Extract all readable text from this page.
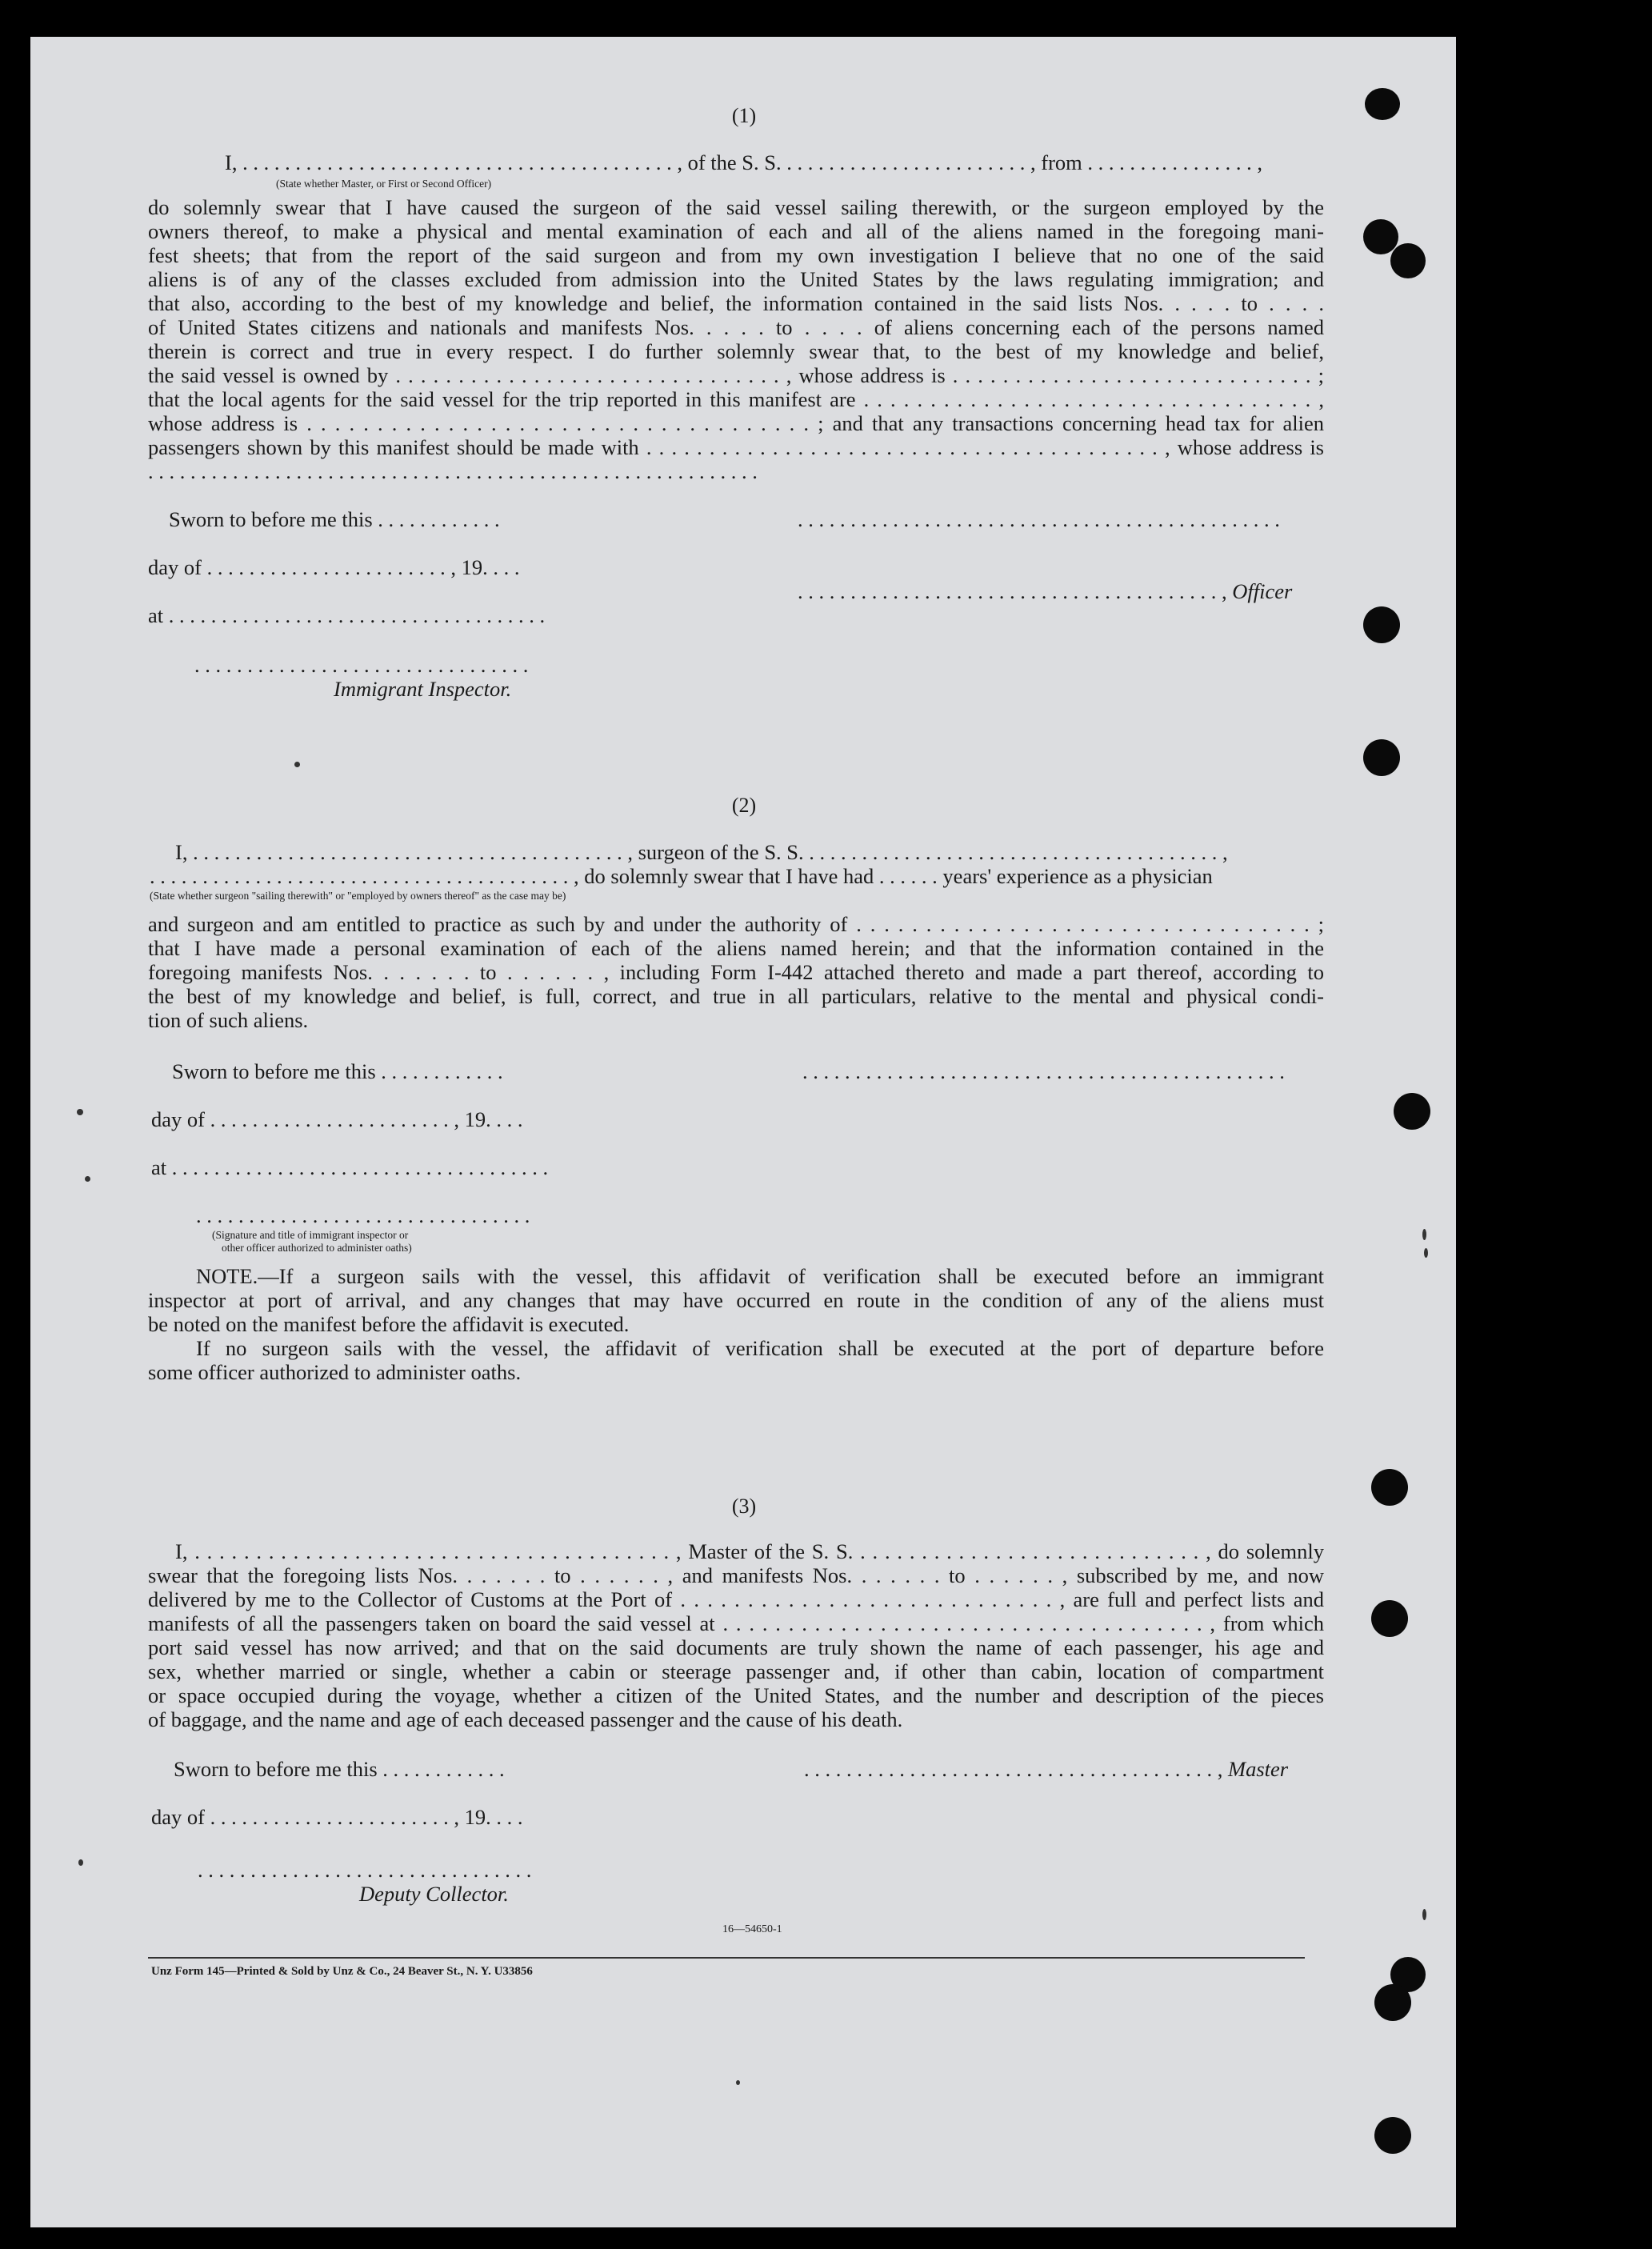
(1)
I, . . . . . . . . . . . . . . . . . . . . . . . . . . . . . . . . . . . . . . . . . , of the S. S. . . . . . . . . . . . . . . . . . . . . . . . , from . . . . . . . . . . . . . . . . ,
(State whether Master, or First or Second Officer)
do solemnly swear that I have caused the surgeon of the said vessel sailing therewith, or the surgeon employed by the
owners thereof, to make a physical and mental examination of each and all of the aliens named in the foregoing mani-
fest sheets; that from the report of the said surgeon and from my own investigation I believe that no one of the said
aliens is of any of the classes excluded from admission into the United States by the laws regulating immigration; and
that also, according to the best of my knowledge and belief, the information contained in the said lists Nos. . . . . to . . . .
of United States citizens and nationals and manifests Nos. . . . . to . . . . of aliens concerning each of the persons named
therein is correct and true in every respect. I do further solemnly swear that, to the best of my knowledge and belief,
the said vessel is owned by . . . . . . . . . . . . . . . . . . . . . . . . . . . . . . . , whose address is . . . . . . . . . . . . . . . . . . . . . . . . . . . . . ;
that the local agents for the said vessel for the trip reported in this manifest are . . . . . . . . . . . . . . . . . . . . . . . . . . . . . . . . . . ,
whose address is . . . . . . . . . . . . . . . . . . . . . . . . . . . . . . . . . . . . ; and that any transactions concerning head tax for alien
passengers shown by this manifest should be made with . . . . . . . . . . . . . . . . . . . . . . . . . . . . . . . . . . . . . . . . . , whose address is
. . . . . . . . . . . . . . . . . . . . . . . . . . . . . . . . . . . . . . . . . . . . . . . . . . . . . . . . . .
Sworn to before me this . . . . . . . . . . . .	. . . . . . . . . . . . . . . . . . . . . . . . . . . . . . . . . . . . . . . . . . . . . .
day of . . . . . . . . . . . . . . . . . . . . . . . , 19. . . .
. . . . . . . . . . . . . . . . . . . . . . . . . . . . . . . . . . . . . . . . , Officer
at . . . . . . . . . . . . . . . . . . . . . . . . . . . . . . . . . . . .
. . . . . . . . . . . . . . . . . . . . . . . . . . . . . . . .
Immigrant Inspector.
(2)
I, . . . . . . . . . . . . . . . . . . . . . . . . . . . . . . . . . . . . . . . . . , surgeon of the S. S. . . . . . . . . . . . . . . . . . . . . . . . . . . . . . . . . . . . . . . . ,
. . . . . . . . . . . . . . . . . . . . . . . . . . . . . . . . . . . . . . . . , do solemnly swear that I have had . . . . . . years' experience as a physician
(State whether surgeon "sailing therewith" or "employed by owners thereof" as the case may be)
and surgeon and am entitled to practice as such by and under the authority of . . . . . . . . . . . . . . . . . . . . . . . . . . . . . . . . . ;
that I have made a personal examination of each of the aliens named herein; and that the information contained in the
foregoing manifests Nos. . . . . . . to . . . . . . , including Form I-442 attached thereto and made a part thereof, according to
the best of my knowledge and belief, is full, correct, and true in all particulars, relative to the mental and physical condi-
tion of such aliens.
Sworn to before me this . . . . . . . . . . . .	. . . . . . . . . . . . . . . . . . . . . . . . . . . . . . . . . . . . . . . . . . . . . .
day of . . . . . . . . . . . . . . . . . . . . . . . , 19. . . .
at . . . . . . . . . . . . . . . . . . . . . . . . . . . . . . . . . . . .
. . . . . . . . . . . . . . . . . . . . . . . . . . . . . . . .
(Signature and title of immigrant inspector or
other officer authorized to administer oaths)
NOTE.—If a surgeon sails with the vessel, this affidavit of verification shall be executed before an immigrant
inspector at port of arrival, and any changes that may have occurred en route in the condition of any of the aliens must
be noted on the manifest before the affidavit is executed.
If no surgeon sails with the vessel, the affidavit of verification shall be executed at the port of departure before
some officer authorized to administer oaths.
(3)
I, . . . . . . . . . . . . . . . . . . . . . . . . . . . . . . . . . . . . . . . , Master of the S. S. . . . . . . . . . . . . . . . . . . . . . . . . . . . . , do solemnly
swear that the foregoing lists Nos. . . . . . . to . . . . . . , and manifests Nos. . . . . . . to . . . . . . , subscribed by me, and now
delivered by me to the Collector of Customs at the Port of . . . . . . . . . . . . . . . . . . . . . . . . . . . . , are full and perfect lists and
manifests of all the passengers taken on board the said vessel at . . . . . . . . . . . . . . . . . . . . . . . . . . . . . . . . . . . . . , from which
port said vessel has now arrived; and that on the said documents are truly shown the name of each passenger, his age and
sex, whether married or single, whether a cabin or steerage passenger and, if other than cabin, location of compartment
or space occupied during the voyage, whether a citizen of the United States, and the number and description of the pieces
of baggage, and the name and age of each deceased passenger and the cause of his death.
Sworn to before me this . . . . . . . . . . . .	. . . . . . . . . . . . . . . . . . . . . . . . . . . . . . . . . . . . . . . , Master
day of . . . . . . . . . . . . . . . . . . . . . . . , 19. . . .
. . . . . . . . . . . . . . . . . . . . . . . . . . . . . . . .
Deputy Collector.
16—54650-1
Unz Form 145—Printed & Sold by Unz & Co., 24 Beaver St., N. Y. U33856
